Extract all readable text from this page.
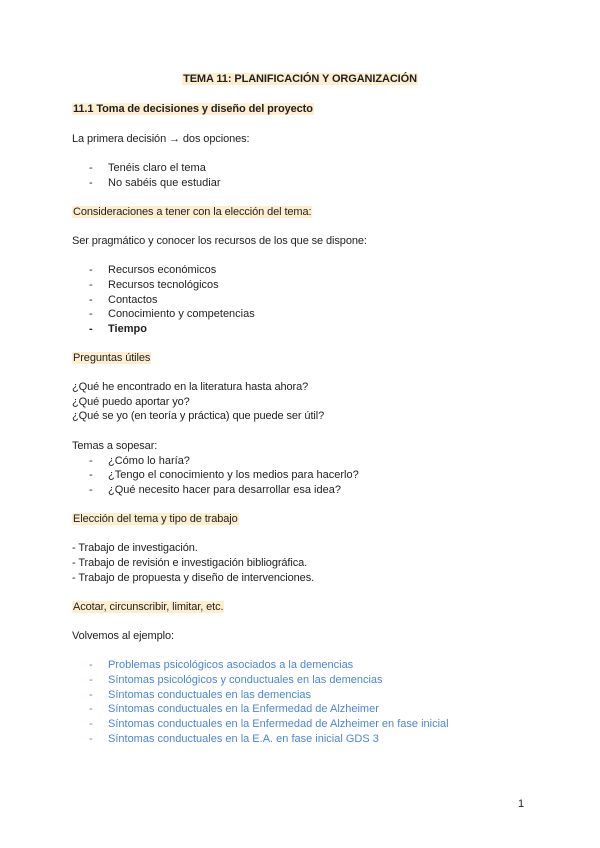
TEMA 11: PLANIFICACIÓN Y ORGANIZACIÓN
11.1 Toma de decisiones y diseño del proyecto
La primera decisión → dos opciones:
- Tenéis claro el tema
- No sabéis que estudiar
Consideraciones a tener con la elección del tema:
Ser pragmático y conocer los recursos de los que se dispone:
- Recursos económicos
- Recursos tecnológicos
- Contactos
- Conocimiento y competencias
- Tiempo
Preguntas útiles
¿Qué he encontrado en la literatura hasta ahora?
¿Qué puedo aportar yo?
¿Qué se yo (en teoría y práctica) que puede ser útil?
Temas a sopesar:
- ¿Cómo lo haría?
- ¿Tengo el conocimiento y los medios para hacerlo?
- ¿Qué necesito hacer para desarrollar esa idea?
Elección del tema y tipo de trabajo
- Trabajo de investigación.
- Trabajo de revisión e investigación bibliográfica.
- Trabajo de propuesta y diseño de intervenciones.
Acotar, circunscribir, limitar, etc.
Volvemos al ejemplo:
- Problemas psicológicos asociados a la demencias
- Síntomas psicológicos y conductuales en las demencias
- Síntomas conductuales en las demencias
- Síntomas conductuales en la Enfermedad de Alzheimer
- Síntomas conductuales en la Enfermedad de Alzheimer en fase inicial
- Síntomas conductuales en la E.A. en fase inicial GDS 3
1
